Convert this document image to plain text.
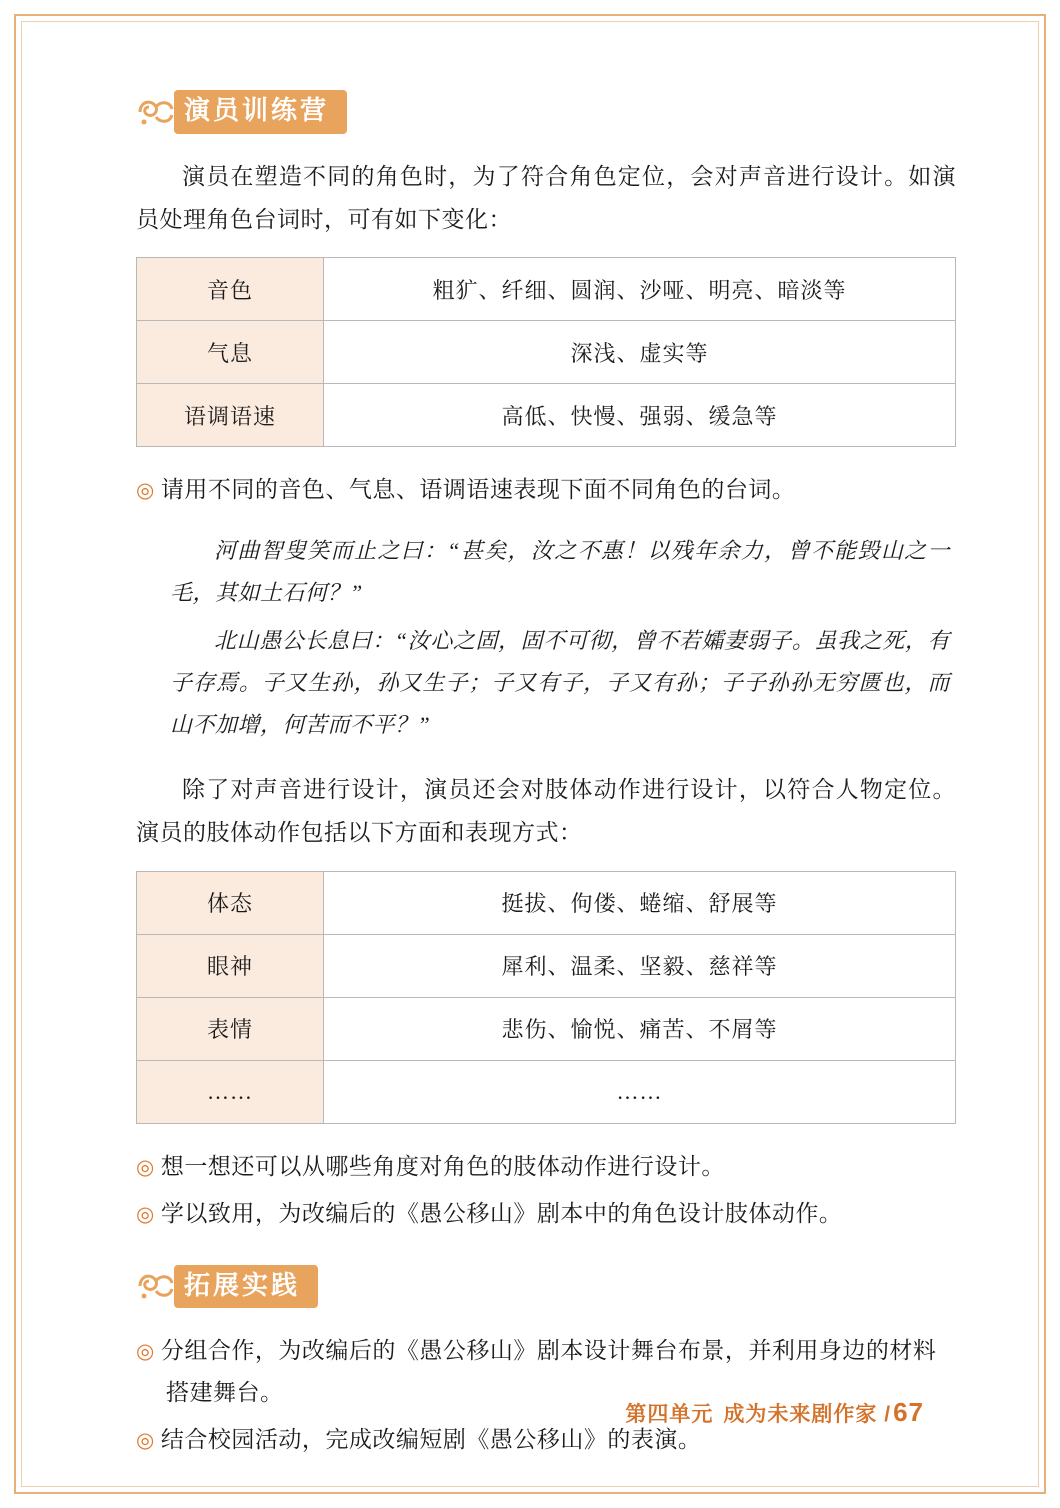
演员训练营

演员在塑造不同的角色时，为了符合角色定位，会对声音进行设计。如演员处理角色台词时，可有如下变化：

音色	粗犷、纤细、圆润、沙哑、明亮、暗淡等
气息	深浅、虚实等
语调语速	高低、快慢、强弱、缓急等

◎ 请用不同的音色、气息、语调语速表现下面不同角色的台词。

河曲智叟笑而止之曰：“甚矣，汝之不惠！以残年余力，曾不能毁山之一毛，其如土石何？”

北山愚公长息曰：“汝心之固，固不可彻，曾不若孀妻弱子。虽我之死，有子存焉。子又生孙，孙又生子；子又有子，子又有孙；子子孙孙无穷匮也，而山不加增，何苦而不平？”

除了对声音进行设计，演员还会对肢体动作进行设计，以符合人物定位。演员的肢体动作包括以下方面和表现方式：

体态	挺拔、佝偻、蜷缩、舒展等
眼神	犀利、温柔、坚毅、慈祥等
表情	悲伤、愉悦、痛苦、不屑等
……	……

◎ 想一想还可以从哪些角度对角色的肢体动作进行设计。

◎ 学以致用，为改编后的《愚公移山》剧本中的角色设计肢体动作。

拓展实践

◎ 分组合作，为改编后的《愚公移山》剧本设计舞台布景，并利用身边的材料搭建舞台。

◎ 结合校园活动，完成改编短剧《愚公移山》的表演。

第四单元 成为未来剧作家 /67
